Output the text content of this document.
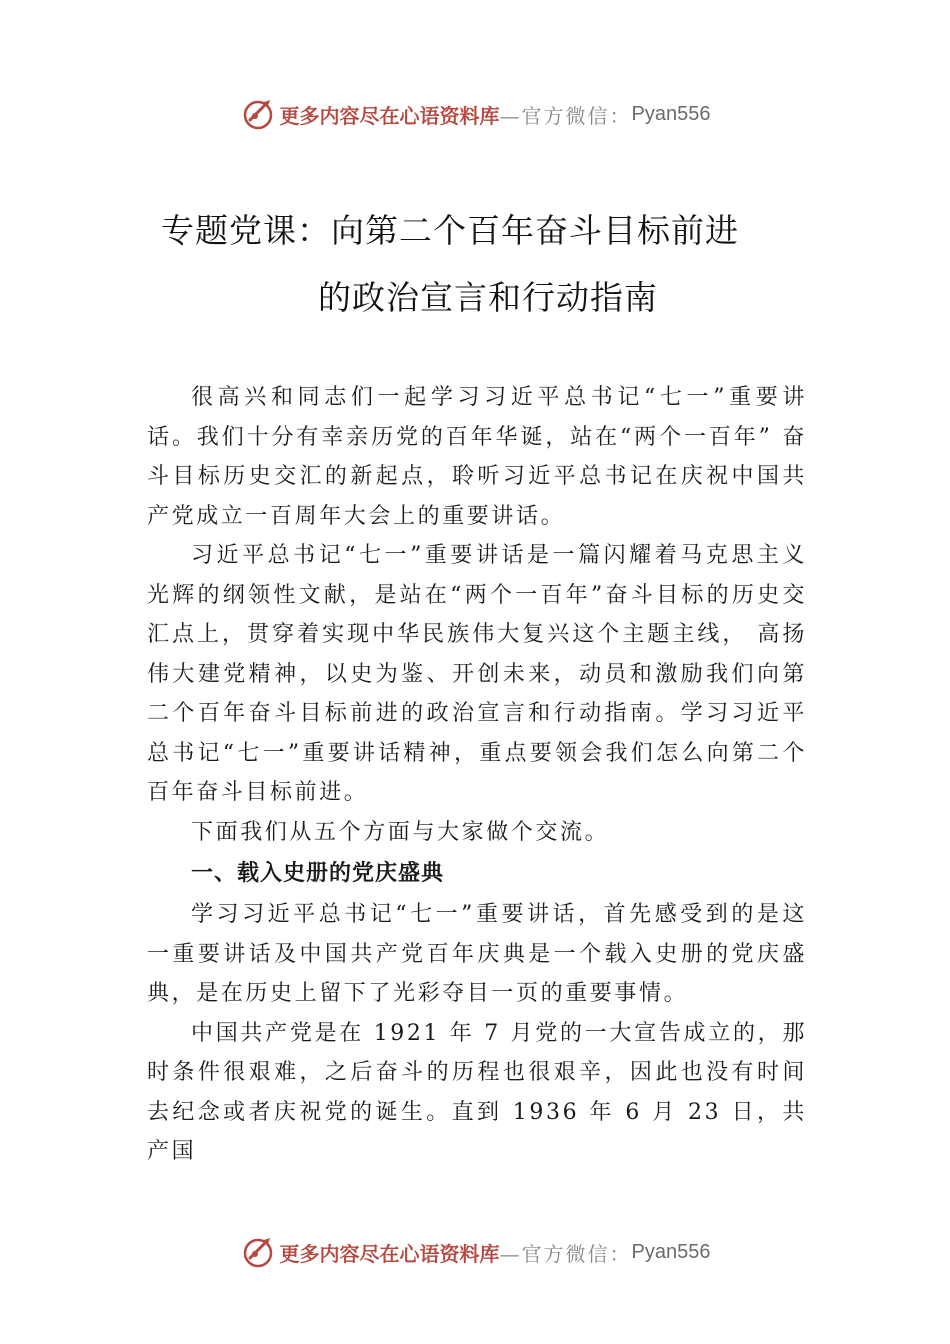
更多内容尽在心语资料库 —官方微信： Pyan556
专题党课：向第二个百年奋斗目标前进
的政治宣言和行动指南

很高兴和同志们一起学习习近平总书记“七一”重要讲话。我们十分有幸亲历党的百年华诞，站在“两个一百年” 奋斗目标历史交汇的新起点，聆听习近平总书记在庆祝中国共产党成立一百周年大会上的重要讲话。

习近平总书记“七一”重要讲话是一篇闪耀着马克思主义光辉的纲领性文献，是站在“两个一百年”奋斗目标的历史交汇点上，贯穿着实现中华民族伟大复兴这个主题主线， 高扬伟大建党精神，以史为鉴、开创未来，动员和激励我们向第二个百年奋斗目标前进的政治宣言和行动指南。学习习近平总书记“七一”重要讲话精神，重点要领会我们怎么向第二个百年奋斗目标前进。

下面我们从五个方面与大家做个交流。

一、载入史册的党庆盛典

学习习近平总书记“七一”重要讲话，首先感受到的是这一重要讲话及中国共产党百年庆典是一个载入史册的党庆盛典，是在历史上留下了光彩夺目一页的重要事情。

中国共产党是在 1921 年 7 月党的一大宣告成立的，那时条件很艰难，之后奋斗的历程也很艰辛，因此也没有时间去纪念或者庆祝党的诞生。直到 1936 年 6 月 23 日，共产国

更多内容尽在心语资料库 —官方微信： Pyan556
